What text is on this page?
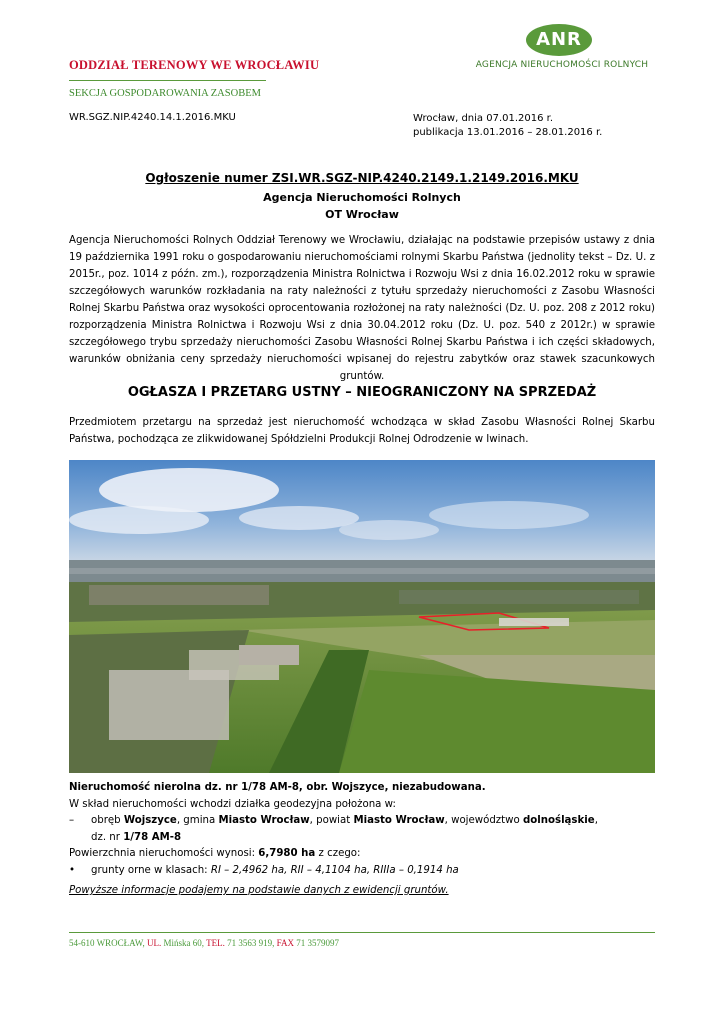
ODDZIAŁ TERENOWY WE WROCŁAWIU
SEKCJA GOSPODAROWANIA ZASOBEM
ANR
AGENCJA NIERUCHOMOŚCI ROLNYCH
WR.SGZ.NIP.4240.14.1.2016.MKU	Wrocław, dnia 07.01.2016 r.
publikacja 13.01.2016 – 28.01.2016 r.
Ogłoszenie numer ZSI.WR.SGZ-NIP.4240.2149.1.2149.2016.MKU
Agencja Nieruchomości Rolnych
OT Wrocław
Agencja Nieruchomości Rolnych Oddział Terenowy we Wrocławiu, działając na podstawie przepisów ustawy z dnia 19 października 1991 roku o gospodarowaniu nieruchomościami rolnymi Skarbu Państwa (jednolity tekst – Dz. U. z 2015r., poz. 1014 z późn. zm.), rozporządzenia Ministra Rolnictwa i Rozwoju Wsi z dnia 16.02.2012 roku w sprawie szczegółowych warunków rozkładania na raty należności z tytułu sprzedaży nieruchomości z Zasobu Własności Rolnej Skarbu Państwa oraz wysokości oprocentowania rozłożonej na raty należności (Dz. U. poz. 208 z 2012 roku) rozporządzenia Ministra Rolnictwa i Rozwoju Wsi z dnia 30.04.2012 roku (Dz. U. poz. 540 z 2012r.) w sprawie szczegółowego trybu sprzedaży nieruchomości Zasobu Własności Rolnej Skarbu Państwa i ich części składowych, warunków obniżania ceny sprzedaży nieruchomości wpisanej do rejestru zabytków oraz stawek szacunkowych gruntów.
OGŁASZA I PRZETARG USTNY – NIEOGRANICZONY NA SPRZEDAŻ
Przedmiotem przetargu na sprzedaż jest nieruchomość wchodząca w skład Zasobu Własności Rolnej Skarbu Państwa, pochodząca ze zlikwidowanej Spółdzielni Produkcji Rolnej Odrodzenie w Iwinach.

Nieruchomość nierolna dz. nr 1/78 AM-8, obr. Wojszyce, niezabudowana.

W skład nieruchomości wchodzi działka geodezyjna położona w:

– obręb Wojszyce, gmina Miasto Wrocław, powiat Miasto Wrocław, województwo dolnośląskie,

dz. nr 1/78 AM-8

Powierzchnia nieruchomości wynosi: 6,7980 ha z czego:

• grunty orne w klasach: RI – 2,4962 ha, RII – 4,1104 ha, RIIIa – 0,1914 ha

Powyższe informacje podajemy na podstawie danych z ewidencji gruntów.

54-610 WROCŁAW, UL. Mińska 60, TEL. 71 3563 919, FAX 71 3579097
